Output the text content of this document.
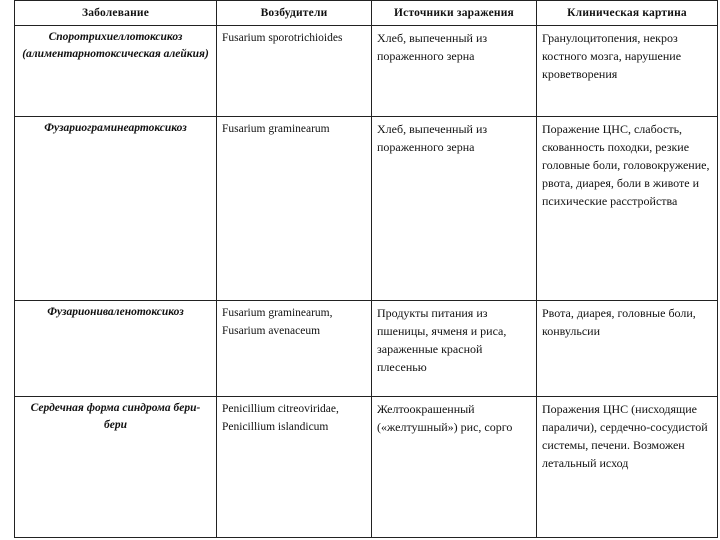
Заболевание	Возбудители	Источники заражения	Клиническая картина
Споротрихиеллотоксикоз (алиментарнотоксическая алейкия)	Fusarium sporotrichioides	Хлеб, выпеченный из пораженного зерна	Гранулоцитопения, некроз костного мозга, нарушение кроветворения
Фузариограминеартоксикоз	Fusarium graminearum	Хлеб, выпеченный из пораженного зерна	Поражение ЦНС, слабость, скованность походки, резкие головные боли, головокружение, рвота, диарея, боли в животе и психические расстройства
Фузариониваленотоксикоз	Fusarium graminearum, Fusarium avenaceum	Продукты питания из пшеницы, ячменя и риса, зараженные красной плесенью	Рвота, диарея, головные боли, конвульсии
Сердечная форма синдрома бери-бери	Penicillium citreoviridae, Penicillium islandicum	Желтоокрашенный («желтушный») рис, сорго	Поражения ЦНС (нисходящие параличи), сердечно-сосудистой системы, печени. Возможен летальный исход
